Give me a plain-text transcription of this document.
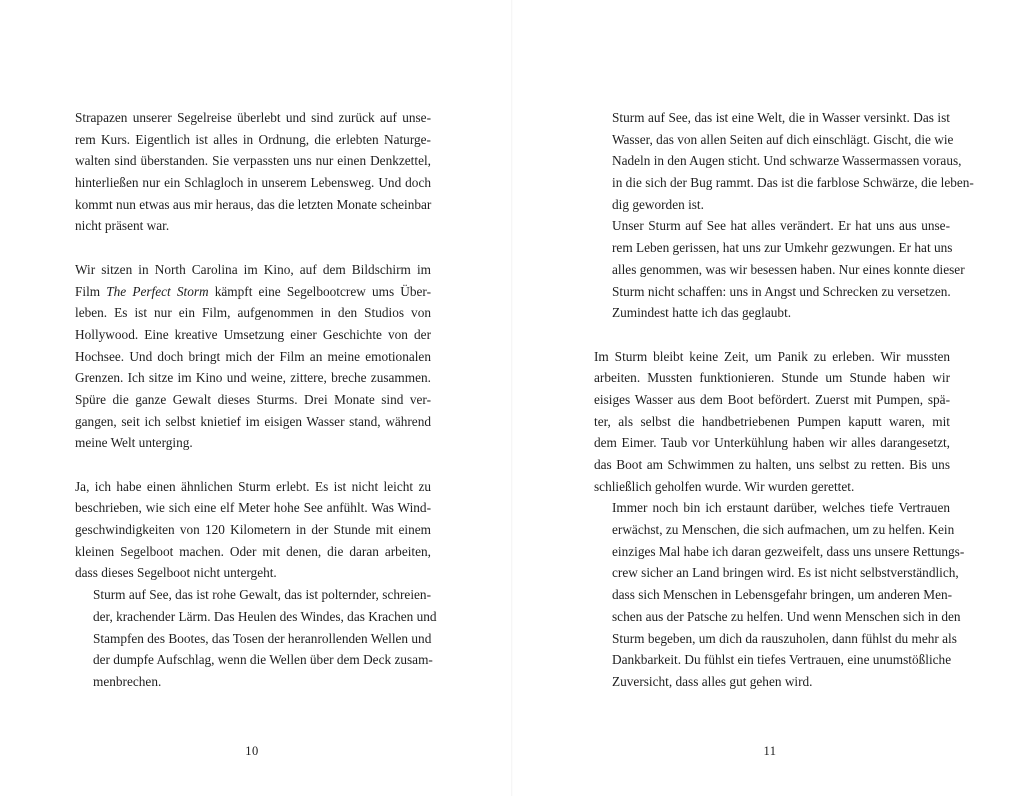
Strapazen unserer Segelreise überlebt und sind zurück auf unse-
rem Kurs. Eigentlich ist alles in Ordnung, die erlebten Naturge-
walten sind überstanden. Sie verpassten uns nur einen Denkzettel,
hinterließen nur ein Schlagloch in unserem Lebensweg. Und doch
kommt nun etwas aus mir heraus, das die letzten Monate scheinbar
nicht präsent war.

Wir sitzen in North Carolina im Kino, auf dem Bildschirm im
Film The Perfect Storm kämpft eine Segelbootcrew ums Über-
leben. Es ist nur ein Film, aufgenommen in den Studios von
Hollywood. Eine kreative Umsetzung einer Geschichte von der
Hochsee. Und doch bringt mich der Film an meine emotionalen
Grenzen. Ich sitze im Kino und weine, zittere, breche zusammen.
Spüre die ganze Gewalt dieses Sturms. Drei Monate sind ver-
gangen, seit ich selbst knietief im eisigen Wasser stand, während
meine Welt unterging.

Ja, ich habe einen ähnlichen Sturm erlebt. Es ist nicht leicht zu
beschrieben, wie sich eine elf Meter hohe See anfühlt. Was Wind-
geschwindigkeiten von 120 Kilometern in der Stunde mit einem
kleinen Segelboot machen. Oder mit denen, die daran arbeiten,
dass dieses Segelboot nicht untergeht.

Sturm auf See, das ist rohe Gewalt, das ist polternder, schreien-
der, krachender Lärm. Das Heulen des Windes, das Krachen und
Stampfen des Bootes, das Tosen der heranrollenden Wellen und
der dumpfe Aufschlag, wenn die Wellen über dem Deck zusam-
menbrechen.

Sturm auf See, das ist eine Welt, die in Wasser versinkt. Das ist
Wasser, das von allen Seiten auf dich einschlägt. Gischt, die wie
Nadeln in den Augen sticht. Und schwarze Wassermassen voraus,
in die sich der Bug rammt. Das ist die farblose Schwärze, die leben-
dig geworden ist.

Unser Sturm auf See hat alles verändert. Er hat uns aus unse-
rem Leben gerissen, hat uns zur Umkehr gezwungen. Er hat uns
alles genommen, was wir besessen haben. Nur eines konnte dieser
Sturm nicht schaffen: uns in Angst und Schrecken zu versetzen.
Zumindest hatte ich das geglaubt.

Im Sturm bleibt keine Zeit, um Panik zu erleben. Wir mussten
arbeiten. Mussten funktionieren. Stunde um Stunde haben wir
eisiges Wasser aus dem Boot befördert. Zuerst mit Pumpen, spä-
ter, als selbst die handbetriebenen Pumpen kaputt waren, mit
dem Eimer. Taub vor Unterkühlung haben wir alles darangesetzt,
das Boot am Schwimmen zu halten, uns selbst zu retten. Bis uns
schließlich geholfen wurde. Wir wurden gerettet.

Immer noch bin ich erstaunt darüber, welches tiefe Vertrauen
erwächst, zu Menschen, die sich aufmachen, um zu helfen. Kein
einziges Mal habe ich daran gezweifelt, dass uns unsere Rettungs-
crew sicher an Land bringen wird. Es ist nicht selbstverständlich,
dass sich Menschen in Lebensgefahr bringen, um anderen Men-
schen aus der Patsche zu helfen. Und wenn Menschen sich in den
Sturm begeben, um dich da rauszuholen, dann fühlst du mehr als
Dankbarkeit. Du fühlst ein tiefes Vertrauen, eine unumstößliche
Zuversicht, dass alles gut gehen wird.

10	11
